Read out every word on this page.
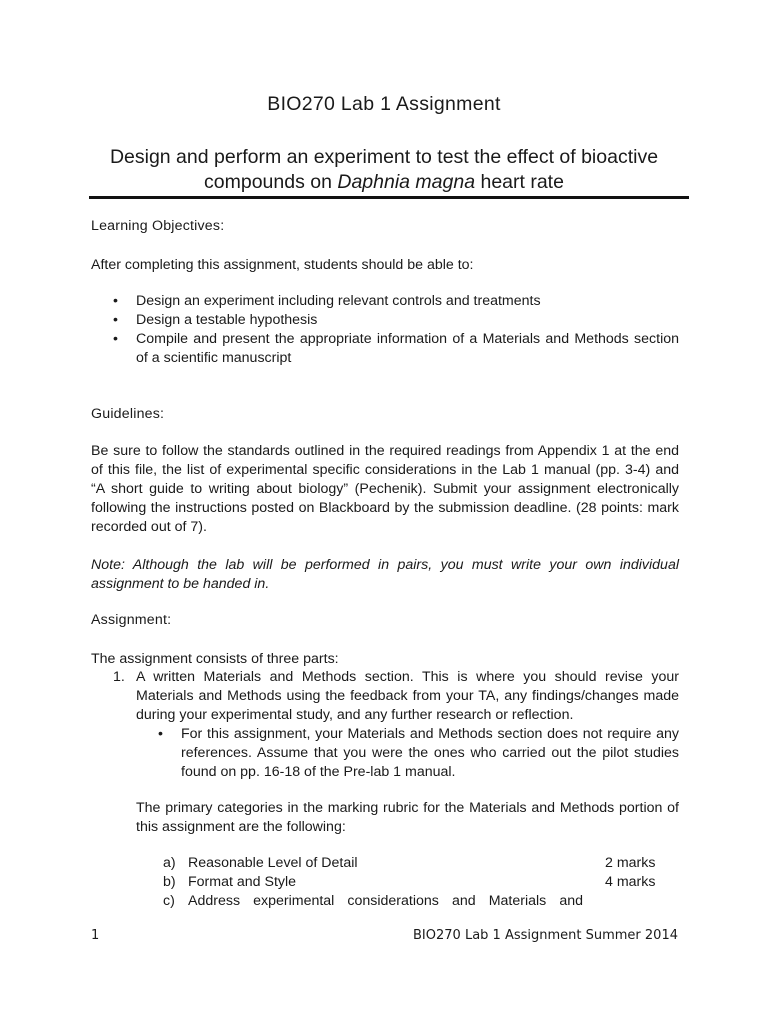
BIO270 Lab 1 Assignment
Design and perform an experiment to test the effect of bioactive compounds on Daphnia magna heart rate

Learning Objectives:

After completing this assignment, students should be able to:

• Design an experiment including relevant controls and treatments
• Design a testable hypothesis
• Compile and present the appropriate information of a Materials and Methods section of a scientific manuscript

Guidelines:

Be sure to follow the standards outlined in the required readings from Appendix 1 at the end of this file, the list of experimental specific considerations in the Lab 1 manual (pp. 3-4) and “A short guide to writing about biology” (Pechenik). Submit your assignment electronically following the instructions posted on Blackboard by the submission deadline. (28 points: mark recorded out of 7).

Note: Although the lab will be performed in pairs, you must write your own individual assignment to be handed in.

Assignment:

The assignment consists of three parts:

1. A written Materials and Methods section. This is where you should revise your Materials and Methods using the feedback from your TA, any findings/changes made during your experimental study, and any further research or reflection.
• For this assignment, your Materials and Methods section does not require any references. Assume that you were the ones who carried out the pilot studies found on pp. 16-18 of the Pre-lab 1 manual.

The primary categories in the marking rubric for the Materials and Methods portion of this assignment are the following:

a) Reasonable Level of Detail	2 marks
b) Format and Style	4 marks
c) Address experimental considerations and Materials and
1	BIO270 Lab 1 Assignment Summer 2014
